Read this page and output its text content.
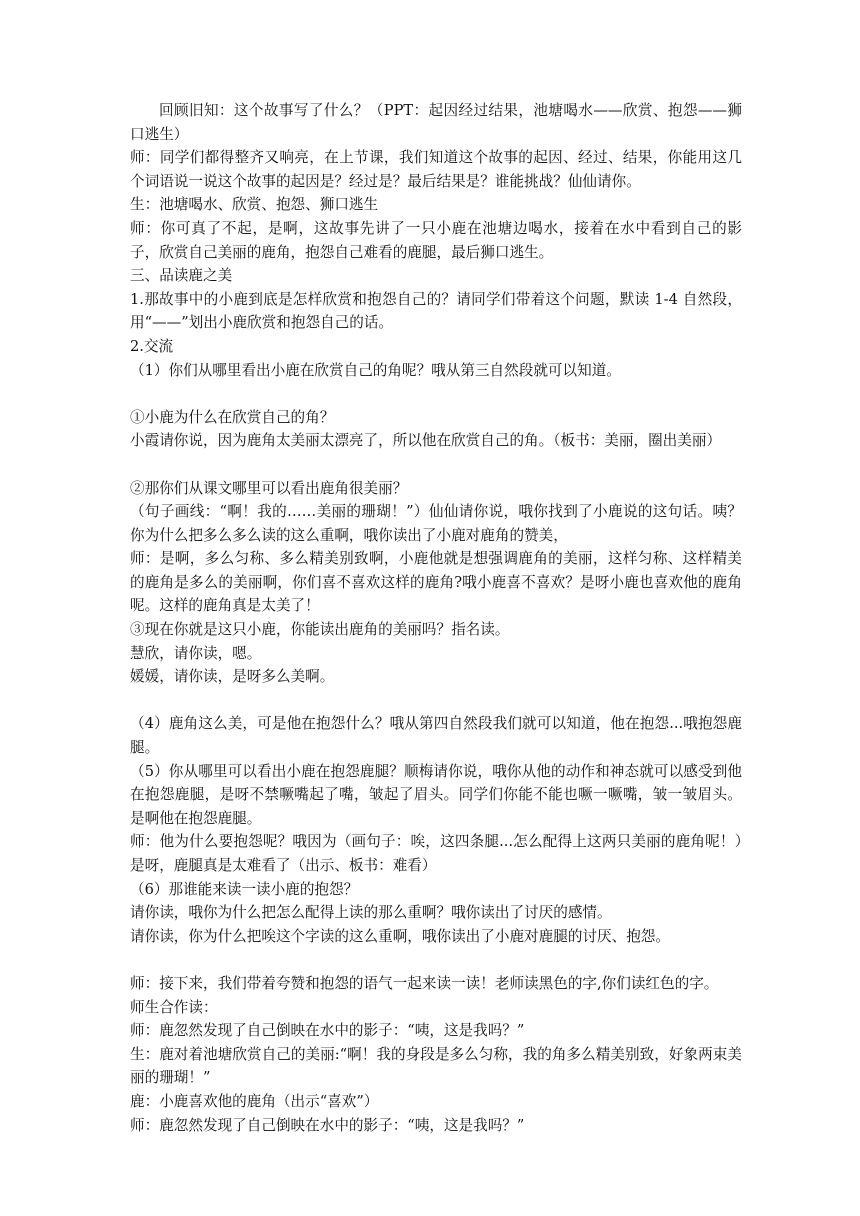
回顾旧知：这个故事写了什么？（PPT：起因经过结果，池塘喝水——欣赏、抱怨——狮口逃生）

师：同学们都得整齐又响亮，在上节课，我们知道这个故事的起因、经过、结果，你能用这几个词语说一说这个故事的起因是？经过是？最后结果是？谁能挑战？仙仙请你。

生：池塘喝水、欣赏、抱怨、狮口逃生

师：你可真了不起，是啊，这故事先讲了一只小鹿在池塘边喝水，接着在水中看到自己的影子，欣赏自己美丽的鹿角，抱怨自己难看的鹿腿，最后狮口逃生。

三、品读鹿之美

1.那故事中的小鹿到底是怎样欣赏和抱怨自己的？请同学们带着这个问题，默读 1-4 自然段，用“——”划出小鹿欣赏和抱怨自己的话。

2.交流

（1）你们从哪里看出小鹿在欣赏自己的角呢？哦从第三自然段就可以知道。

①小鹿为什么在欣赏自己的角？

小霞请你说，因为鹿角太美丽太漂亮了，所以他在欣赏自己的角。（板书：美丽，圈出美丽）

②那你们从课文哪里可以看出鹿角很美丽？

（句子画线：“啊！我的……美丽的珊瑚！”）仙仙请你说，哦你找到了小鹿说的这句话。咦？你为什么把多么多么读的这么重啊，哦你读出了小鹿对鹿角的赞美，

师：是啊，多么匀称、多么精美别致啊，小鹿他就是想强调鹿角的美丽，这样匀称、这样精美的鹿角是多么的美丽啊，你们喜不喜欢这样的鹿角?哦小鹿喜不喜欢？是呀小鹿也喜欢他的鹿角呢。这样的鹿角真是太美了！

③现在你就是这只小鹿，你能读出鹿角的美丽吗？指名读。

慧欣，请你读，嗯。

媛媛，请你读，是呀多么美啊。

（4）鹿角这么美，可是他在抱怨什么？哦从第四自然段我们就可以知道，他在抱怨...哦抱怨鹿腿。

（5）你从哪里可以看出小鹿在抱怨鹿腿？顺梅请你说，哦你从他的动作和神态就可以感受到他在抱怨鹿腿，是呀不禁噘嘴起了嘴，皱起了眉头。同学们你能不能也噘一噘嘴，皱一皱眉头。是啊他在抱怨鹿腿。

师：他为什么要抱怨呢？哦因为（画句子：唉，这四条腿...怎么配得上这两只美丽的鹿角呢！）是呀，鹿腿真是太难看了（出示、板书：难看）

（6）那谁能来读一读小鹿的抱怨？

请你读，哦你为什么把怎么配得上读的那么重啊？哦你读出了讨厌的感情。

请你读，你为什么把唉这个字读的这么重啊，哦你读出了小鹿对鹿腿的讨厌、抱怨。

师：接下来，我们带着夸赞和抱怨的语气一起来读一读！老师读黑色的字,你们读红色的字。

师生合作读：

师：鹿忽然发现了自己倒映在水中的影子：“咦，这是我吗？”

生：鹿对着池塘欣赏自己的美丽:“啊！我的身段是多么匀称，我的角多么精美别致，好象两束美丽的珊瑚！”

鹿：小鹿喜欢他的鹿角（出示“喜欢”）

师：鹿忽然发现了自己倒映在水中的影子：“咦，这是我吗？”
